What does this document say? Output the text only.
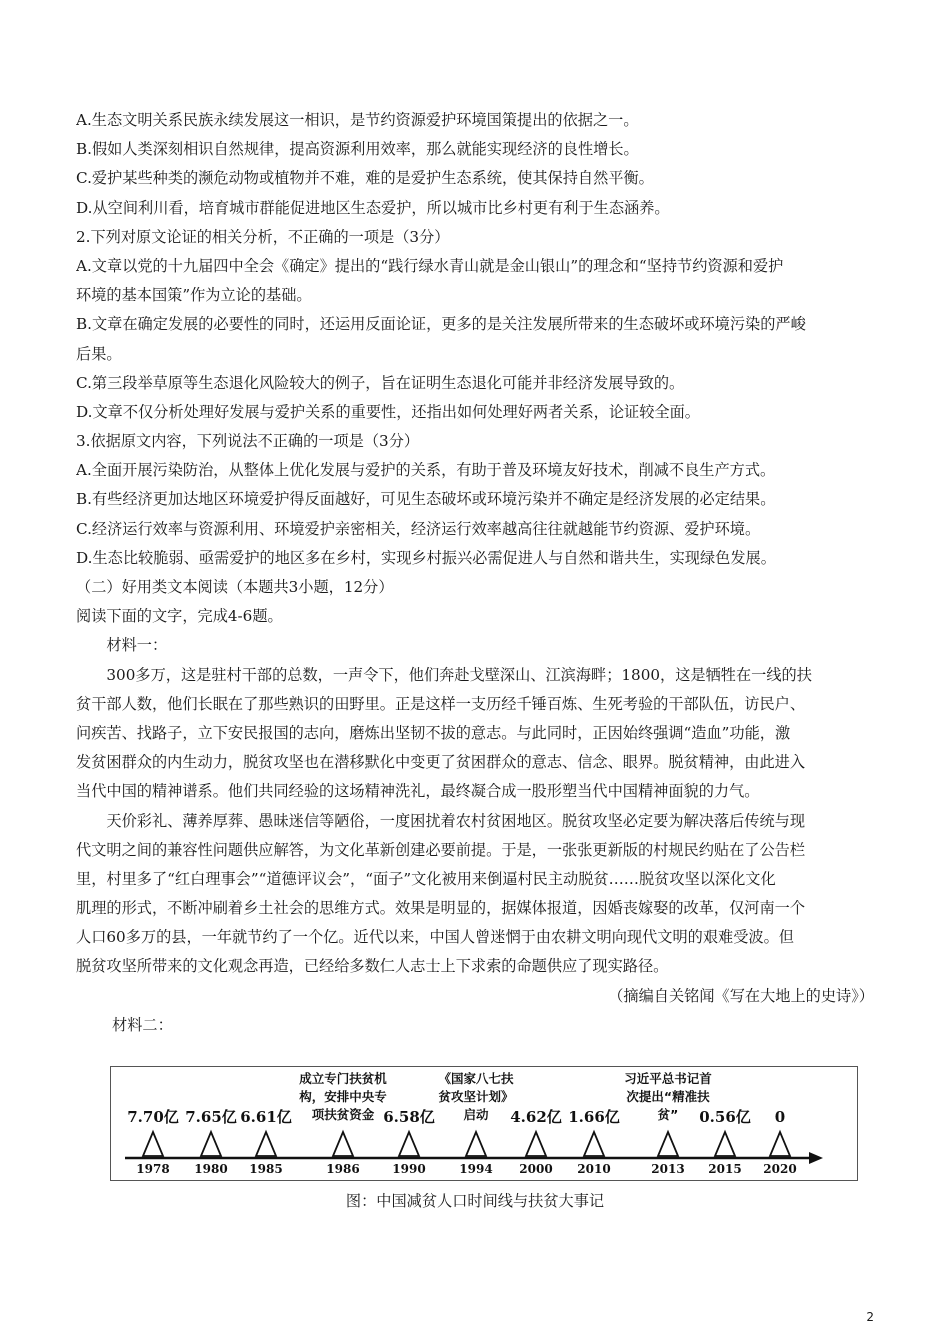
A.生态文明关系民族永续发展这一相识，是节约资源爱护环境国策提出的依据之一。
B.假如人类深刻相识自然规律，提高资源利用效率，那么就能实现经济的良性增长。
C.爱护某些种类的濒危动物或植物并不难，难的是爱护生态系统，使其保持自然平衡。
D.从空间利川看，培育城市群能促进地区生态爱护，所以城市比乡村更有利于生态涵养。
2.下列对原文论证的相关分析，不正确的一项是（3分）
A.文章以党的十九届四中全会《确定》提出的“践行绿水青山就是金山银山”的理念和“坚持节约资源和爱护
环境的基本国策”作为立论的基础。
B.文章在确定发展的必要性的同时，还运用反面论证，更多的是关注发展所带来的生态破坏或环境污染的严峻
后果。
C.第三段举草原等生态退化风险较大的例子，旨在证明生态退化可能并非经济发展导致的。
D.文章不仅分析处理好发展与爱护关系的重要性，还指出如何处理好两者关系，论证较全面。
3.依据原文内容，下列说法不正确的一项是（3分）
A.全面开展污染防治，从整体上优化发展与爱护的关系，有助于普及环境友好技术，削减不良生产方式。
B.有些经济更加达地区环境爱护得反面越好，可见生态破坏或环境污染并不确定是经济发展的必定结果。
C.经济运行效率与资源利用、环境爱护亲密相关，经济运行效率越高往往就越能节约资源、爱护环境。
D.生态比较脆弱、亟需爱护的地区多在乡村，实现乡村振兴必需促进人与自然和谐共生，实现绿色发展。
（二）好用类文本阅读（本题共3小题，12分）
阅读下面的文字，完成4-6题。
材料一：
300多万，这是驻村干部的总数，一声令下，他们奔赴戈壁深山、江滨海畔；1800，这是牺牲在一线的扶
贫干部人数，他们长眠在了那些熟识的田野里。正是这样一支历经千锤百炼、生死考验的干部队伍，访民户、
问疾苦、找路子，立下安民报国的志向，磨炼出坚韧不拔的意志。与此同时，正因始终强调“造血”功能，激
发贫困群众的内生动力，脱贫攻坚也在潜移默化中变更了贫困群众的意志、信念、眼界。脱贫精神，由此进入
当代中国的精神谱系。他们共同经验的这场精神洗礼，最终凝合成一股形塑当代中国精神面貌的力气。
天价彩礼、薄养厚葬、愚昧迷信等陋俗，一度困扰着农村贫困地区。脱贫攻坚必定要为解决落后传统与现
代文明之间的兼容性问题供应解答，为文化革新创建必要前提。于是，一张张更新版的村规民约贴在了公告栏
里，村里多了“红白理事会”“道德评议会”，“面子”文化被用来倒逼村民主动脱贫……脱贫攻坚以深化文化
肌理的形式，不断冲刷着乡土社会的思维方式。效果是明显的，据媒体报道，因婚丧嫁娶的改革，仅河南一个
人口60多万的县，一年就节约了一个亿。近代以来，中国人曾迷惘于由农耕文明向现代文明的艰难受波。但
脱贫攻坚所带来的文化观念再造，已经给多数仁人志士上下求索的命题供应了现实路径。
（摘编自关铭闻《写在大地上的史诗》）
材料二：
1978
7.70亿
1980
7.65亿
1985
6.61亿
1986	1990
6.58亿
1994 2000
4.62亿
2010
1.66亿
2013 2015
0.56亿
2020
0
成立专门扶贫机
构，安排中央专
项扶贫资金
《国家八七扶
贫攻坚计划》
启动
习近平总书记首
次提出“精准扶
贫”
图：中国减贫人口时间线与扶贫大事记
2
